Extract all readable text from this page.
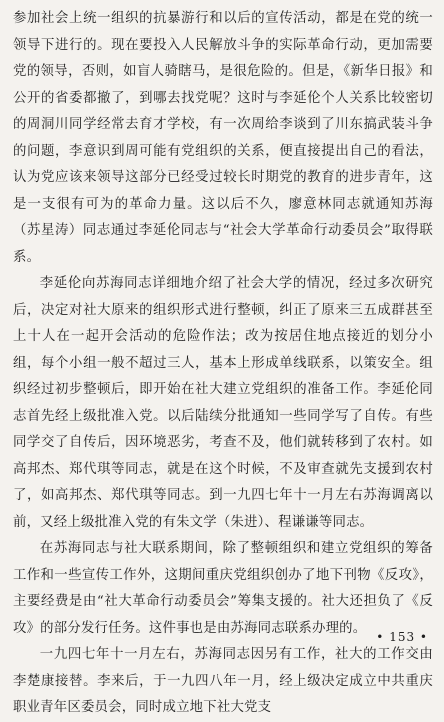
参加社会上统一组织的抗暴游行和以后的宣传活动，都是在党的统一领导下进行的。现在要投入人民解放斗争的实际革命行动，更加需要党的领导，否则，如盲人骑瞎马，是很危险的。但是，《新华日报》和公开的省委都撤了，到哪去找党呢？这时与李延伦个人关系比较密切的周洞川同学经常去育才学校，有一次周给李谈到了川东搞武装斗争的问题，李意识到周可能有党组织的关系，便直接提出自己的看法，认为党应该来领导这部分已经受过较长时期党的教育的进步青年，这是一支很有可为的革命力量。这以后不久，廖意林同志就通知苏海（苏星涛）同志通过李延伦同志与“社会大学革命行动委员会”取得联系。

李延伦向苏海同志详细地介绍了社会大学的情况，经过多次研究后，决定对社大原来的组织形式进行整顿，纠正了原来三五成群甚至上十人在一起开会活动的危险作法；改为按居住地点接近的划分小组，每个小组一般不超过三人，基本上形成单线联系，以策安全。组织经过初步整顿后，即开始在社大建立党组织的准备工作。李延伦同志首先经上级批准入党。以后陆续分批通知一些同学写了自传。有些同学交了自传后，因环境恶劣，考查不及，他们就转移到了农村。如高邦杰、郑代琪等同志，就是在这个时候，不及审查就先支援到农村了，如高邦杰、郑代琪等同志。到一九四七年十一月左右苏海调离以前，又经上级批准入党的有朱文学（朱进）、程谦谦等同志。

在苏海同志与社大联系期间，除了整顿组织和建立党组织的筹备工作和一些宣传工作外，这期间重庆党组织创办了地下刊物《反攻》，主要经费是由“社大革命行动委员会”筹集支援的。社大还担负了《反攻》的部分发行任务。这件事也是由苏海同志联系办理的。

一九四七年十一月左右，苏海同志因另有工作，社大的工作交由李楚康接替。李来后，于一九四八年一月，经上级决定成立中共重庆职业青年区委员会，同时成立地下社大党支

• 153 •
